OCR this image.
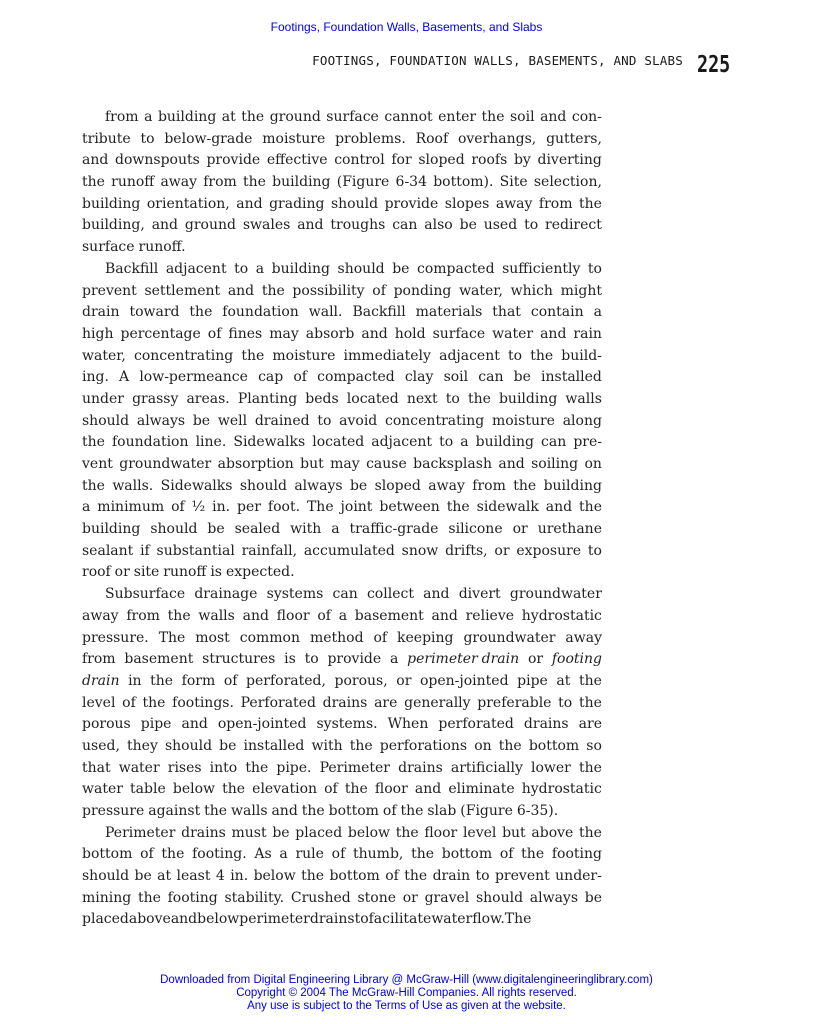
Footings, Foundation Walls, Basements, and Slabs
FOOTINGS, FOUNDATION WALLS, BASEMENTS, AND SLABS 225
from a building at the ground surface cannot enter the soil and con-
tribute to below-grade moisture problems. Roof overhangs, gutters,
and downspouts provide effective control for sloped roofs by diverting
the runoff away from the building (Figure 6-34 bottom). Site selection,
building orientation, and grading should provide slopes away from the
building, and ground swales and troughs can also be used to redirect
surface runoff.
Backfill adjacent to a building should be compacted sufficiently to
prevent settlement and the possibility of ponding water, which might
drain toward the foundation wall. Backfill materials that contain a
high percentage of fines may absorb and hold surface water and rain
water, concentrating the moisture immediately adjacent to the build-
ing. A low-permeance cap of compacted clay soil can be installed
under grassy areas. Planting beds located next to the building walls
should always be well drained to avoid concentrating moisture along
the foundation line. Sidewalks located adjacent to a building can pre-
vent groundwater absorption but may cause backsplash and soiling on
the walls. Sidewalks should always be sloped away from the building
a minimum of ¹⁄₂ in. per foot. The joint between the sidewalk and the
building should be sealed with a traffic-grade silicone or urethane
sealant if substantial rainfall, accumulated snow drifts, or exposure to
roof or site runoff is expected.
Subsurface drainage systems can collect and divert groundwater
away from the walls and floor of a basement and relieve hydrostatic
pressure. The most common method of keeping groundwater away
from basement structures is to provide a perimeter drain or footing
drain in the form of perforated, porous, or open-jointed pipe at the
level of the footings. Perforated drains are generally preferable to the
porous pipe and open-jointed systems. When perforated drains are
used, they should be installed with the perforations on the bottom so
that water rises into the pipe. Perimeter drains artificially lower the
water table below the elevation of the floor and eliminate hydrostatic
pressure against the walls and the bottom of the slab (Figure 6-35).
Perimeter drains must be placed below the floor level but above the
bottom of the footing. As a rule of thumb, the bottom of the footing
should be at least 4 in. below the bottom of the drain to prevent under-
mining the footing stability. Crushed stone or gravel should always be
placed above and below perimeter drains to facilitate water flow. The
Downloaded from Digital Engineering Library @ McGraw-Hill (www.digitalengineeringlibrary.com)
Copyright © 2004 The McGraw-Hill Companies. All rights reserved.
Any use is subject to the Terms of Use as given at the website.
